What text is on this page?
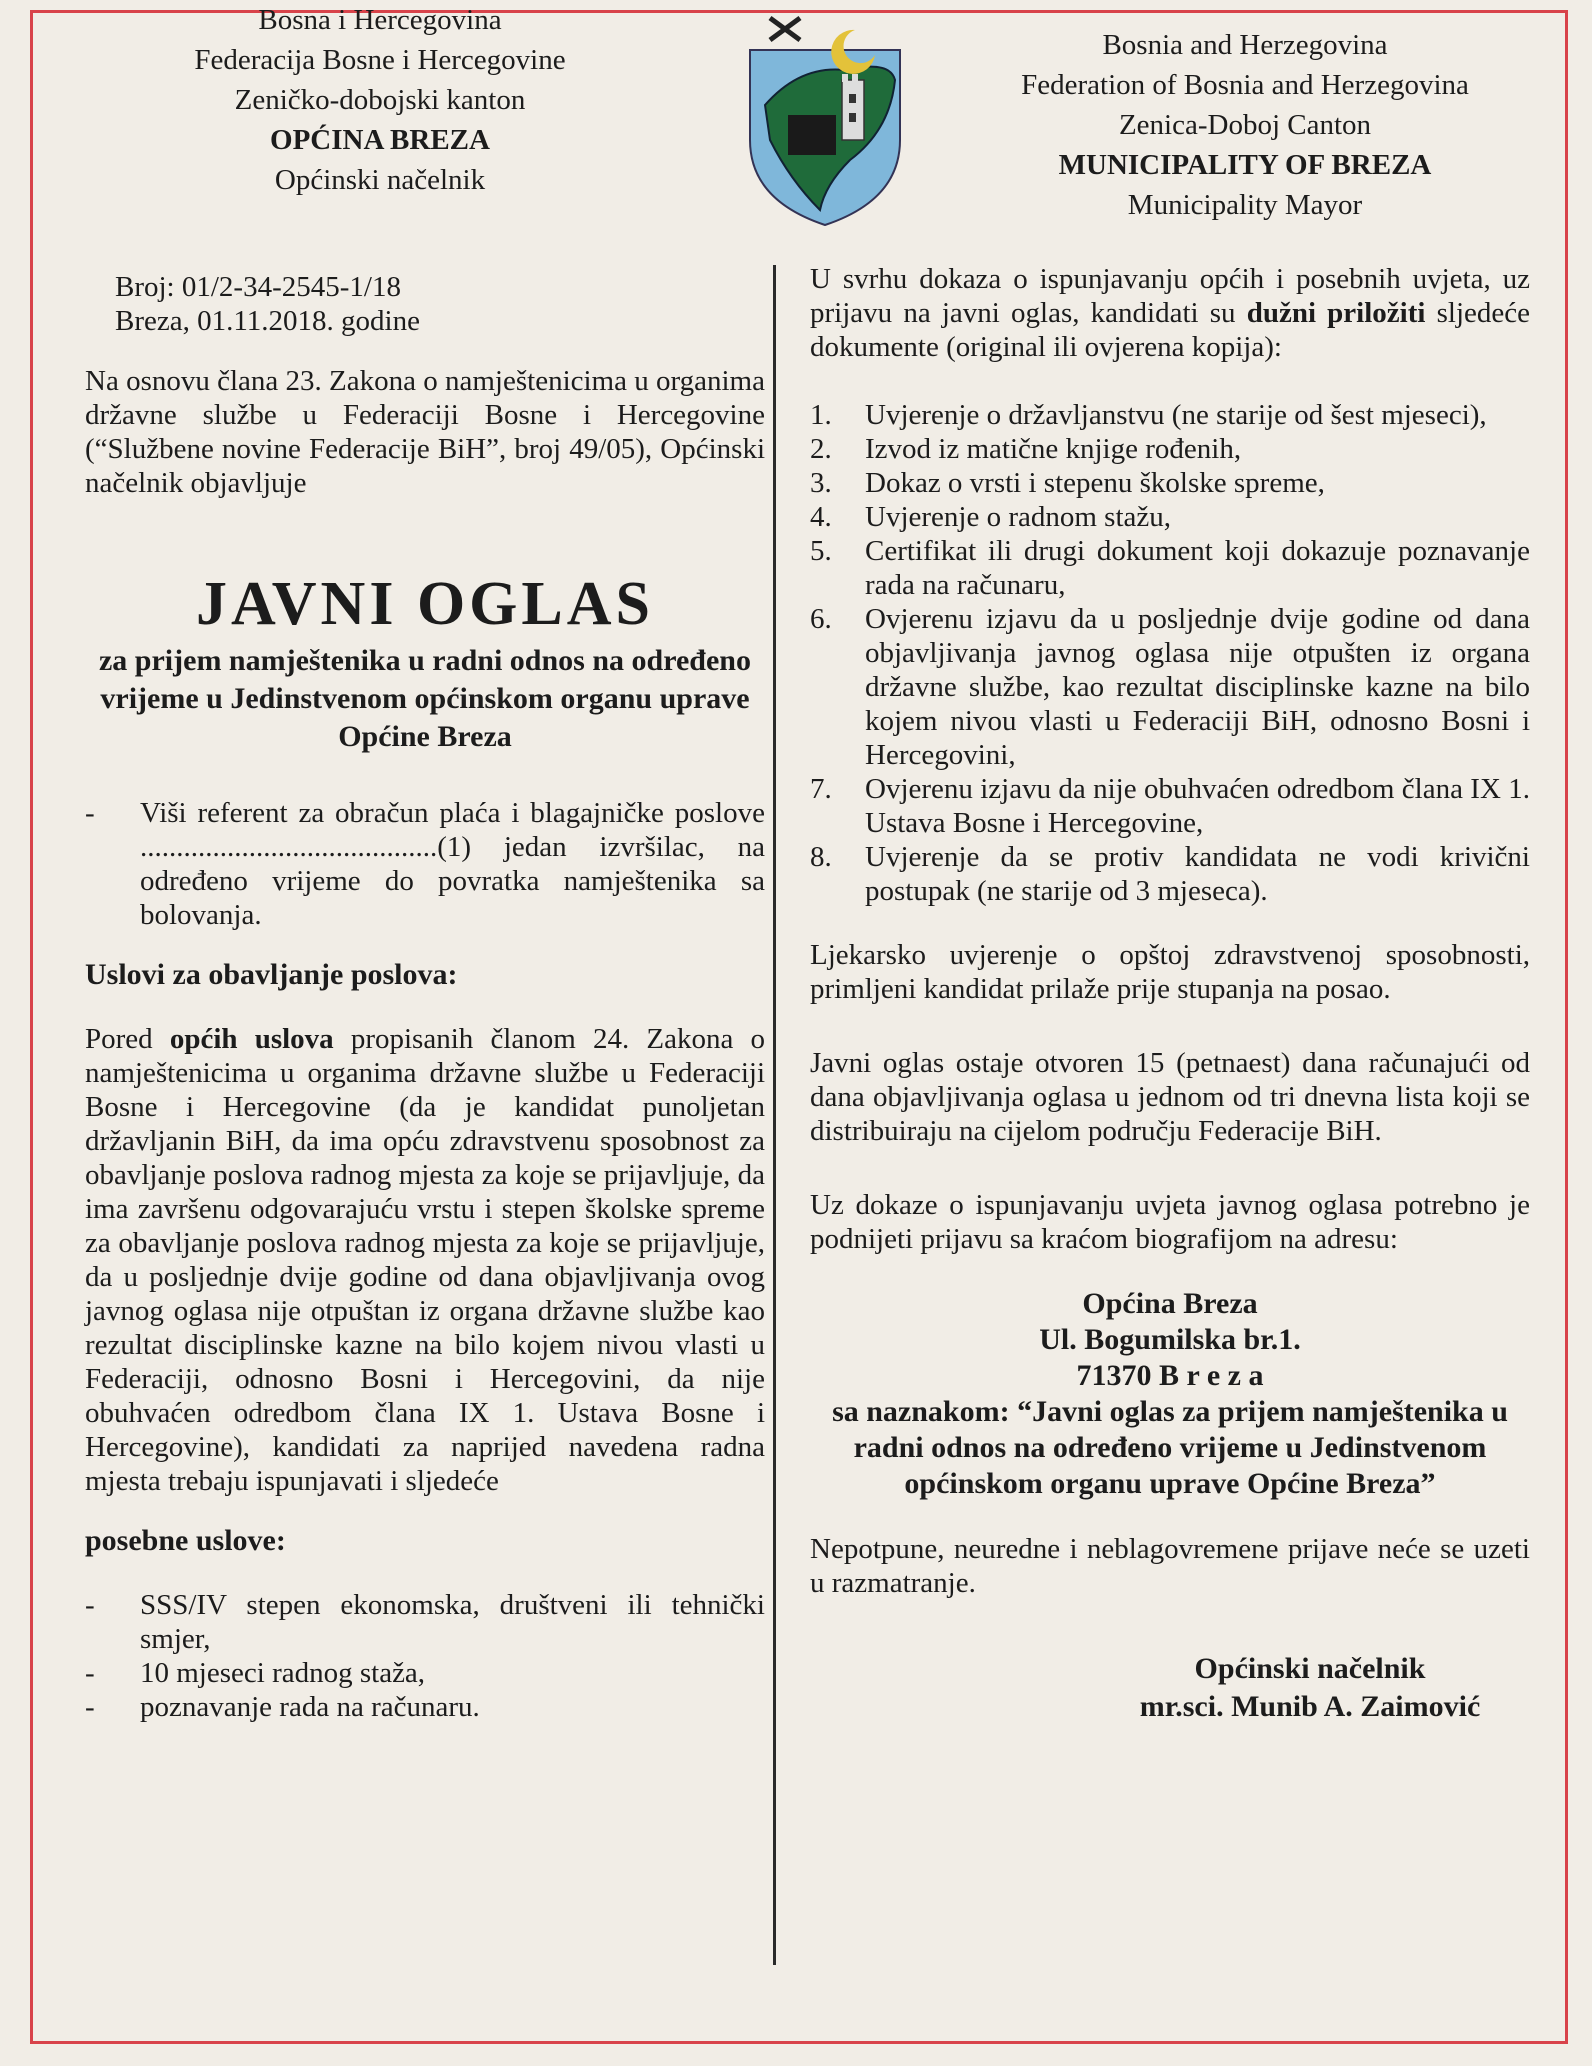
Bosna i Hercegovina
Federacija Bosne i Hercegovine
Zeničko-dobojski kanton
OPĆINA BREZA
Općinski načelnik
Bosnia and Herzegovina
Federation of Bosnia and Herzegovina
Zenica-Doboj Canton
MUNICIPALITY OF BREZA
Municipality Mayor
Broj: 01/2-34-2545-1/18
Breza, 01.11.2018. godine

Na osnovu člana 23. Zakona o namještenicima u organima državne službe u Federaciji Bosne i Hercegovine (“Službene novine Federacije BiH”, broj 49/05), Općinski načelnik objavljuje

JAVNI OGLAS
za prijem namještenika u radni odnos na određeno vrijeme u Jedinstvenom općinskom organu uprave Općine Breza
- Viši referent za obračun plaća i blagajničke poslove .........................................(1) jedan izvršilac, na određeno vrijeme do povratka namještenika sa bolovanja.
Uslovi za obavljanje poslova:

Pored općih uslova propisanih članom 24. Zakona o namještenicima u organima državne službe u Federaciji Bosne i Hercegovine (da je kandidat punoljetan državljanin BiH, da ima opću zdravstvenu sposobnost za obavljanje poslova radnog mjesta za koje se prijavljuje, da ima završenu odgovarajuću vrstu i stepen školske spreme za obavljanje poslova radnog mjesta za koje se prijavljuje, da u posljednje dvije godine od dana objavljivanja ovog javnog oglasa nije otpuštan iz organa državne službe kao rezultat disciplinske kazne na bilo kojem nivou vlasti u Federaciji, odnosno Bosni i Hercegovini, da nije obuhvaćen odredbom člana IX 1. Ustava Bosne i Hercegovine), kandidati za naprijed navedena radna mjesta trebaju ispunjavati i sljedeće

posebne uslove:
- SSS/IV stepen ekonomska, društveni ili tehnički smjer,
- 10 mjeseci radnog staža,
- poznavanje rada na računaru.

U svrhu dokaza o ispunjavanju općih i posebnih uvjeta, uz prijavu na javni oglas, kandidati su dužni priložiti sljedeće dokumente (original ili ovjerena kopija):

1. Uvjerenje o državljanstvu (ne starije od šest mjeseci),
2. Izvod iz matične knjige rođenih,
3. Dokaz o vrsti i stepenu školske spreme,
4. Uvjerenje o radnom stažu,
5. Certifikat ili drugi dokument koji dokazuje poznavanje rada na računaru,
6. Ovjerenu izjavu da u posljednje dvije godine od dana objavljivanja javnog oglasa nije otpušten iz organa državne službe, kao rezultat disciplinske kazne na bilo kojem nivou vlasti u Federaciji BiH, odnosno Bosni i Hercegovini,
7. Ovjerenu izjavu da nije obuhvaćen odredbom člana IX 1. Ustava Bosne i Hercegovine,
8. Uvjerenje da se protiv kandidata ne vodi krivični postupak (ne starije od 3 mjeseca).

Ljekarsko uvjerenje o opštoj zdravstvenoj sposobnosti, primljeni kandidat prilaže prije stupanja na posao.

Javni oglas ostaje otvoren 15 (petnaest) dana računajući od dana objavljivanja oglasa u jednom od tri dnevna lista koji se distribuiraju na cijelom području Federacije BiH.

Uz dokaze o ispunjavanju uvjeta javnog oglasa potrebno je podnijeti prijavu sa kraćom biografijom na adresu:

Općina Breza
Ul. Bogumilska br.1.
71370 B r e z a
sa naznakom: “Javni oglas za prijem namještenika u radni odnos na određeno vrijeme u Jedinstvenom općinskom organu uprave Općine Breza”

Nepotpune, neuredne i neblagovremene prijave neće se uzeti u razmatranje.

Općinski načelnik
mr.sci. Munib A. Zaimović
